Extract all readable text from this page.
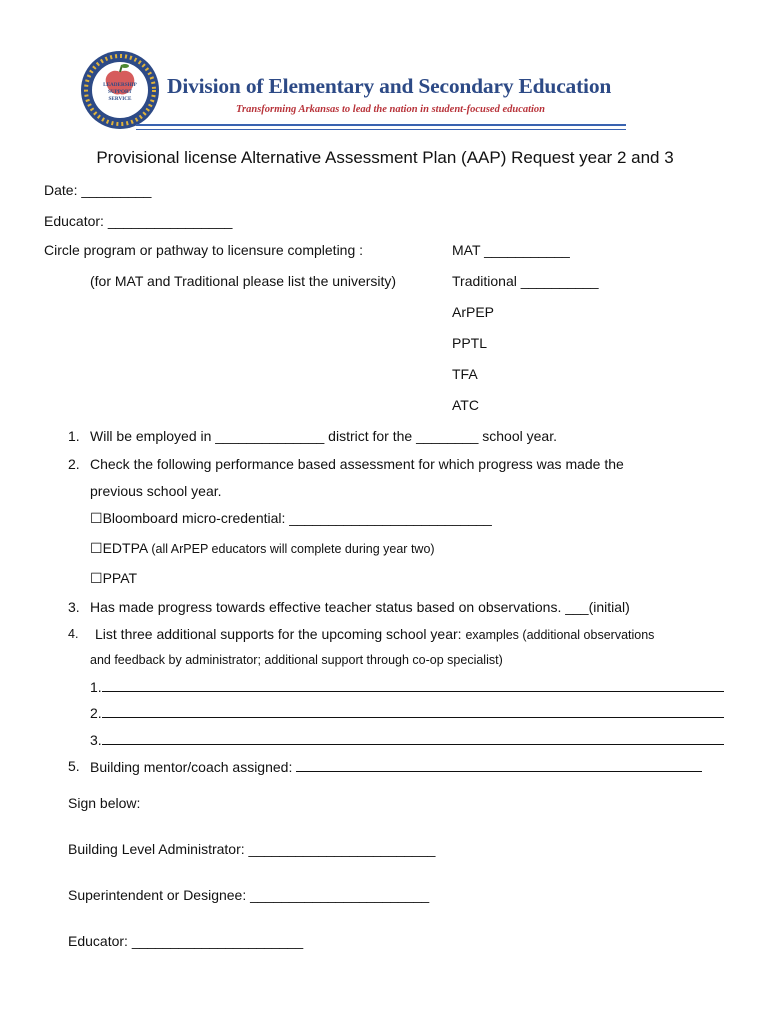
LEADERSHIP
SUPPORT
SERVICE
Division of Elementary and Secondary Education
Transforming Arkansas to lead the nation in student-focused education
Provisional license Alternative Assessment Plan (AAP) Request year 2 and 3
Date: _________
Educator: ________________
Circle program or pathway to licensure completing :
(for MAT and Traditional please list the university)
MAT ___________
Traditional __________
ArPEP
PPTL
TFA
ATC
1. Will be employed in ______________ district for the ________ school year.
2. Check the following performance based assessment for which progress was made the
previous school year.
☐Bloomboard micro-credential: __________________________
☐EDTPA (all ArPEP educators will complete during year two)
☐PPAT
3. Has made progress towards effective teacher status based on observations. ___(initial)
4. List three additional supports for the upcoming school year: examples (additional observations
and feedback by administrator; additional support through co-op specialist)
1.
2.
3.
5. Building mentor/coach assigned:
Sign below:
Building Level Administrator: ________________________
Superintendent or Designee: _______________________
Educator: ______________________
